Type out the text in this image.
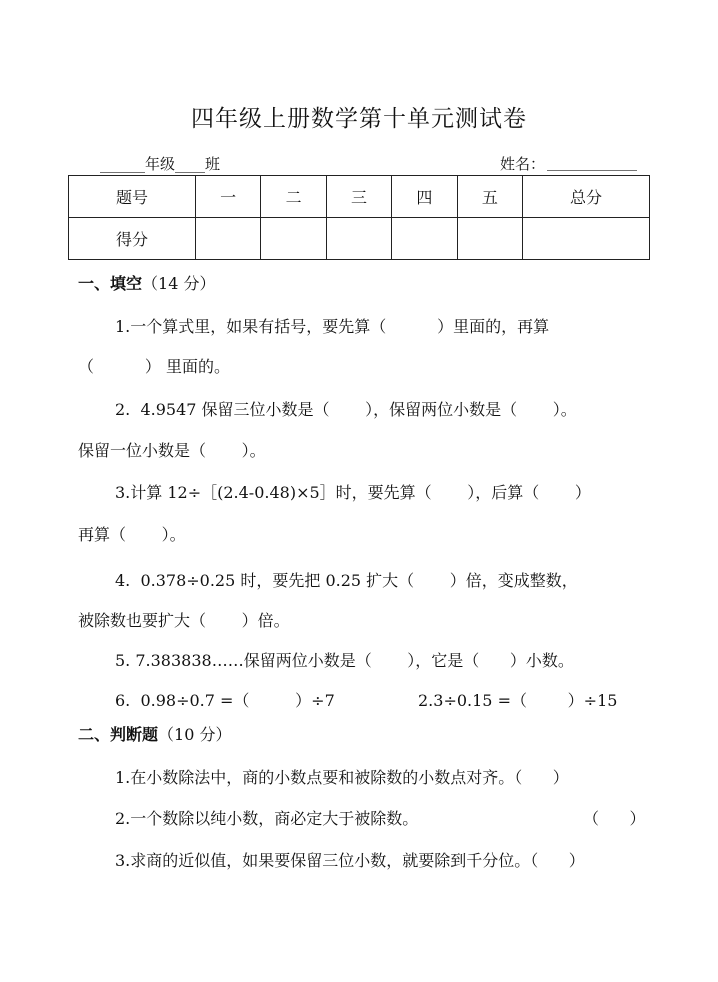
四年级上册数学第十单元测试卷
______年级____班	姓名： ____________
题号	一	二	三	四	五	总分
得分						
一、填空（14 分）
1.一个算式里，如果有括号，要先算（          ）里面的，再算
（          ） 里面的。
2.  4.9547 保留三位小数是（       ），保留两位小数是（       ）。
保留一位小数是（       ）。
3.计算 12÷［(2.4-0.48)×5］时，要先算（       ），后算（       ）
再算（       ）。
4.  0.378÷0.25 时，要先把 0.25 扩大（       ）倍，变成整数，
被除数也要扩大（       ）倍。
5. 7.383838……保留两位小数是（       ），它是（      ）小数。
6.  0.98÷0.7 =（         ）÷7	2.3÷0.15 =（        ）÷15
二、判断题（10 分）
1.在小数除法中，商的小数点要和被除数的小数点对齐。（      ）
2.一个数除以纯小数，商必定大于被除数。	（      ）
3.求商的近似值，如果要保留三位小数，就要除到千分位。（      ）
